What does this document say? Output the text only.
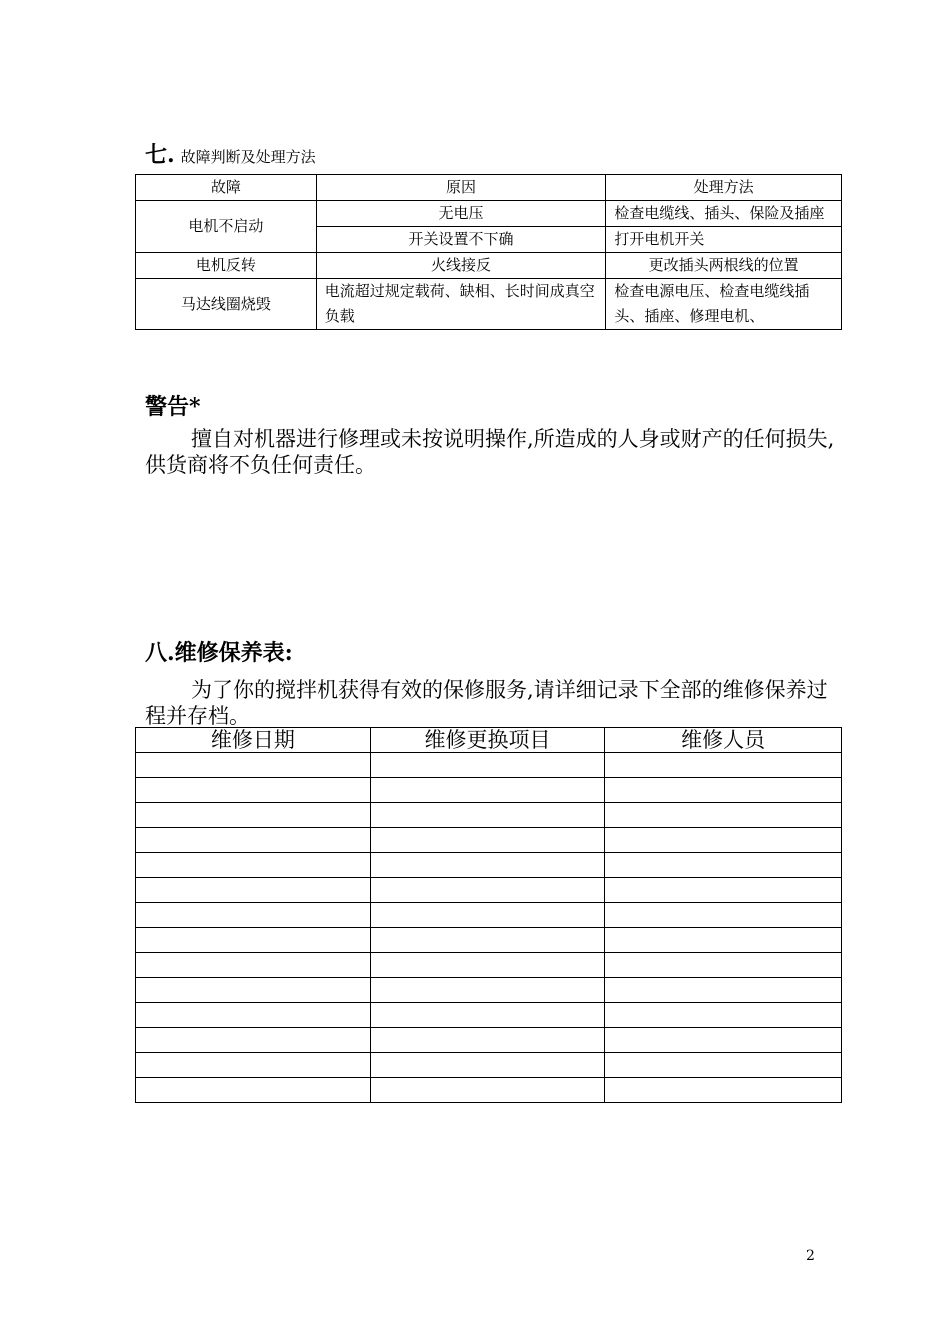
七. 故障判断及处理方法
故障	原因	处理方法
电机不启动	无电压	检查电缆线、插头、保险及插座
	开关设置不下确	打开电机开关
电机反转	火线接反	更改插头两根线的位置
马达线圈烧毁	电流超过规定载荷、缺相、长时间成真空负载	检查电源电压、检查电缆线插头、插座、修理电机、
警告*
擅自对机器进行修理或未按说明操作,所造成的人身或财产的任何损失,供货商将不负任何责任。
八.维修保养表:
为了你的搅拌机获得有效的保修服务,请详细记录下全部的维修保养过程并存档。
维修日期	维修更换项目	维修人员

2
